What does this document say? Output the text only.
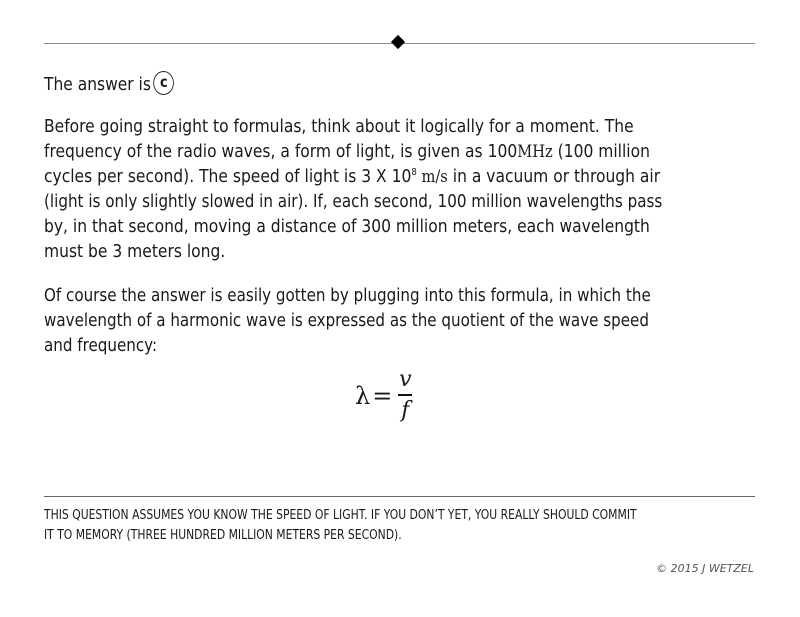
The answer is c
Before going straight to formulas, think about it logically for a moment. The
frequency of the radio waves, a form of light, is given as 100MHz (100 million
cycles per second). The speed of light is 3 X $10^8$ m/s in a vacuum or through air
(light is only slightly slowed in air). If, each second, 100 million wavelengths pass
by, in that second, moving a distance of 300 million meters, each wavelength
must be 3 meters long.
Of course the answer is easily gotten by plugging into this formula, in which the
wavelength of a harmonic wave is expressed as the quotient of the wave speed
and frequency:
$\lambda = \frac{v}{f}$
THIS QUESTION ASSUMES YOU KNOW THE SPEED OF LIGHT. IF YOU DON’T YET, YOU REALLY SHOULD COMMIT
IT TO MEMORY (THREE HUNDRED MILLION METERS PER SECOND).
© 2015 J WETZEL
